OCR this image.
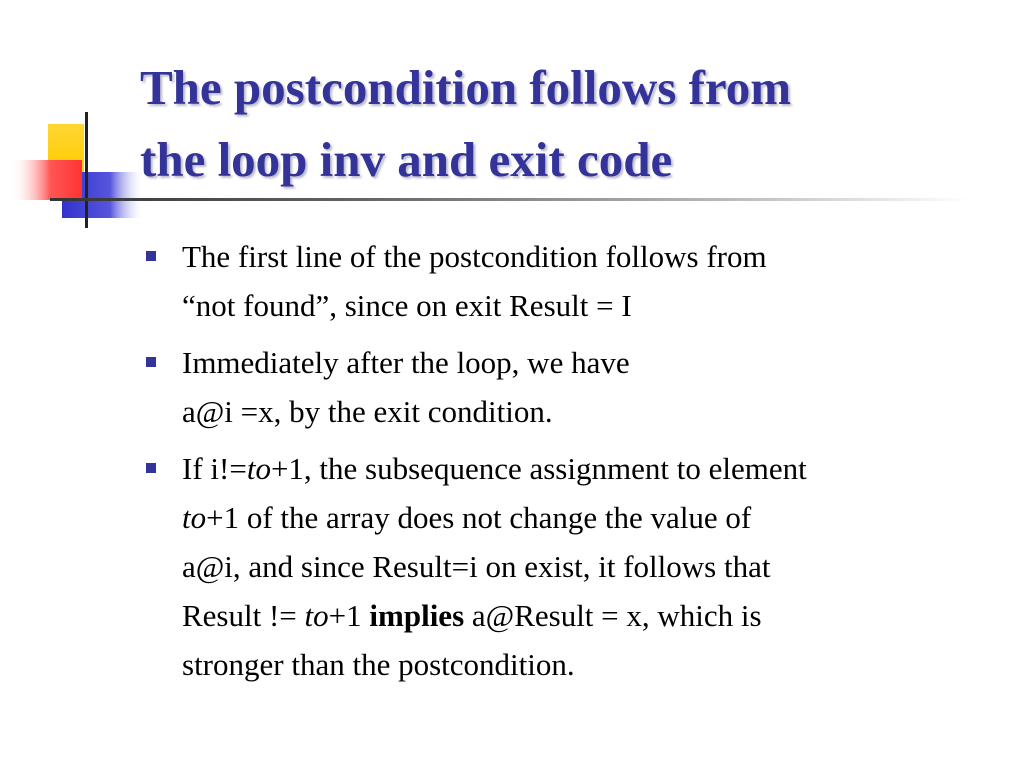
The postcondition follows from
the loop inv and exit code
The first line of the postcondition follows from
“not found”, since on exit Result = I
Immediately after the loop, we have
a@i =x, by the exit condition.
If i!=to+1, the subsequence assignment to element
to+1 of the array does not change the value of
a@i, and since Result=i on exist, it follows that
Result != to+1 implies a@Result = x, which is
stronger than the postcondition.
